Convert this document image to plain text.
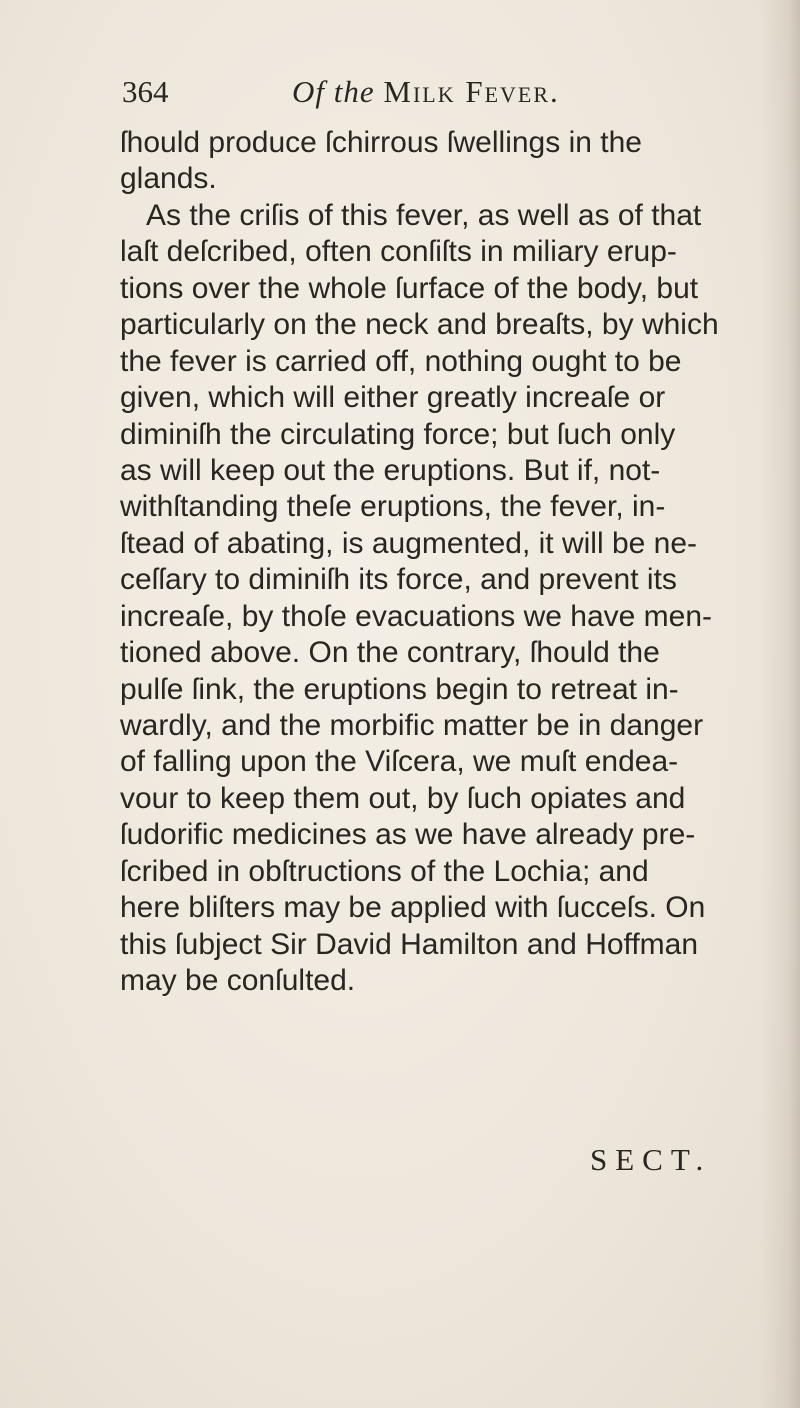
364	Of the Milk Fever.
ſhould produce ſchirrous ſwellings in the
glands.
As the criſis of this fever, as well as of that
laſt deſcribed, often conſiſts in miliary erup-
tions over the whole ſurface of the body, but
particularly on the neck and breaſts, by which
the fever is carried off, nothing ought to be
given, which will either greatly increaſe or
diminiſh the circulating force; but ſuch only
as will keep out the eruptions. But if, not-
withſtanding theſe eruptions, the fever, in-
ſtead of abating, is augmented, it will be ne-
ceſſary to diminiſh its force, and prevent its
increaſe, by thoſe evacuations we have men-
tioned above. On the contrary, ſhould the
pulſe ſink, the eruptions begin to retreat in-
wardly, and the morbific matter be in danger
of falling upon the Viſcera, we muſt endea-
vour to keep them out, by ſuch opiates and
ſudorific medicines as we have already pre-
ſcribed in obſtructions of the Lochia; and
here bliſters may be applied with ſucceſs. On
this ſubject Sir David Hamilton and Hoffman
may be conſulted.
SECT.
